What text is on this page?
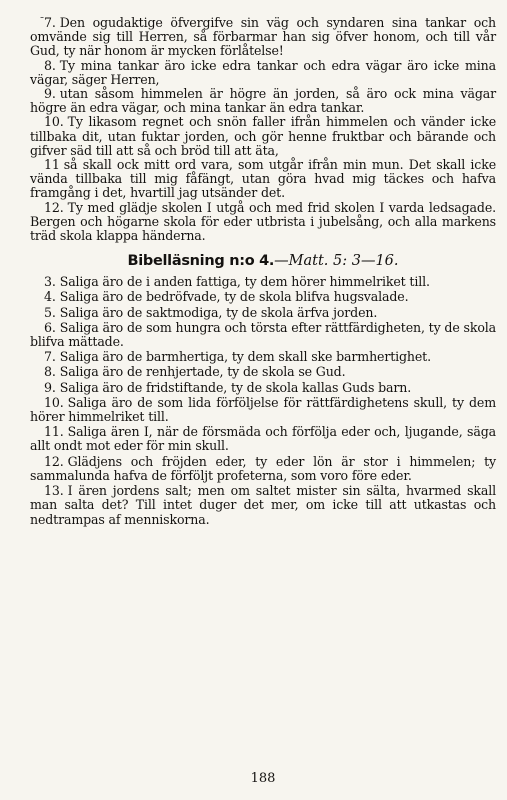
- 7. Den ogudaktige öfvergifve sin väg och syndaren sina tankar och omvände sig till Herren, så förbarmar han sig öfver honom, och till vår Gud, ty när honom är mycken förlåtelse!

8. Ty mina tankar äro icke edra tankar och edra vägar äro icke mina vägar, säger Herren,

9. utan såsom himmelen är högre än jorden, så äro ock mina vägar högre än edra vägar, och mina tankar än edra tankar.

10. Ty likasom regnet och snön faller ifrån himmelen och vänder icke tillbaka dit, utan fuktar jorden, och gör henne fruktbar och bärande och gifver säd till att så och bröd till att äta,

11 så skall ock mitt ord vara, som utgår ifrån min mun. Det skall icke vända tillbaka till mig fåfängt, utan göra hvad mig täckes och hafva framgång i det, hvartill jag utsänder det.

12. Ty med glädje skolen I utgå och med frid skolen I varda ledsagade. Bergen och högarne skola för eder utbrista i jubelsång, och alla markens träd skola klappa händerna.

Bibelläsning n:o 4.—Matt. 5: 3—16.

3. Saliga äro de i anden fattiga, ty dem hörer himmelriket till.

4. Saliga äro de bedröfvade, ty de skola blifva hugsvalade.

5. Saliga äro de saktmodiga, ty de skola ärfva jorden.

6. Saliga äro de som hungra och törsta efter rättfärdigheten, ty de skola blifva mättade.

7. Saliga äro de barmhertiga, ty dem skall ske barmhertighet.

8. Saliga äro de renhjertade, ty de skola se Gud.

9. Saliga äro de fridstiftande, ty de skola kallas Guds barn.

10. Saliga äro de som lida förföljelse för rättfärdighetens skull, ty dem hörer himmelriket till.

11. Saliga ären I, när de försmäda och förfölja eder och, ljugande, säga allt ondt mot eder för min skull.

12. Glädjens och fröjden eder, ty eder lön är stor i himmelen; ty sammalunda hafva de förföljt profeterna, som voro före eder.

13. I ären jordens salt; men om saltet mister sin sälta, hvarmed skall man salta det? Till intet duger det mer, om icke till att utkastas och nedtrampas af menniskorna.

188
